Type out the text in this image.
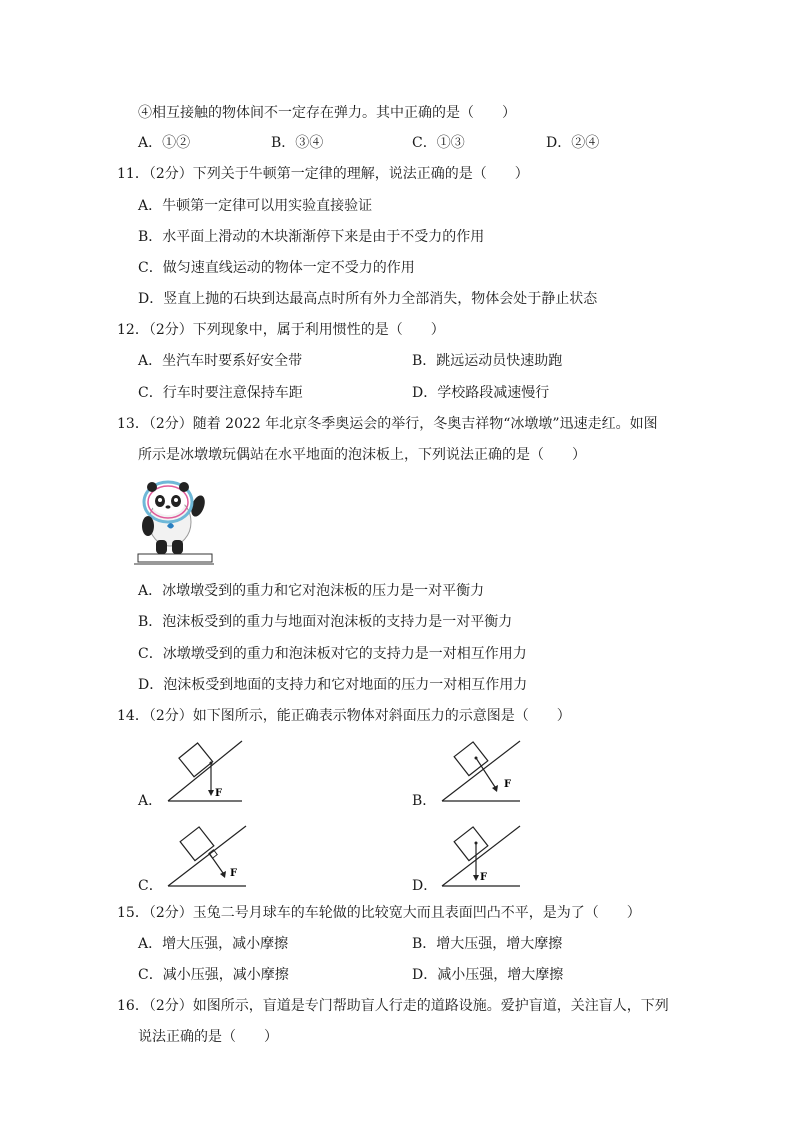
④相互接触的物体间不一定存在弹力。其中正确的是（　　）
A．①②	B．③④	C．①③	D．②④
11．（2分）下列关于牛顿第一定律的理解，说法正确的是（　　）
A．牛顿第一定律可以用实验直接验证
B．水平面上滑动的木块渐渐停下来是由于不受力的作用
C．做匀速直线运动的物体一定不受力的作用
D．竖直上抛的石块到达最高点时所有外力全部消失，物体会处于静止状态
12．（2分）下列现象中，属于利用惯性的是（　　）
A．坐汽车时要系好安全带	B．跳远运动员快速助跑
C．行车时要注意保持车距	D．学校路段减速慢行
13．（2分）随着 2022 年北京冬季奥运会的举行，冬奥吉祥物“冰墩墩”迅速走红。如图
所示是冰墩墩玩偶站在水平地面的泡沫板上，下列说法正确的是（　　）
A．冰墩墩受到的重力和它对泡沫板的压力是一对平衡力
B．泡沫板受到的重力与地面对泡沫板的支持力是一对平衡力
C．冰墩墩受到的重力和泡沫板对它的支持力是一对相互作用力
D．泡沫板受到地面的支持力和它对地面的压力一对相互作用力
14．（2分）如下图所示，能正确表示物体对斜面压力的示意图是（　　）
A．	F	B．
F
C．
F
D．
F
15．（2分）玉兔二号月球车的车轮做的比较宽大而且表面凹凸不平，是为了（　　）
A．增大压强，减小摩擦	B．增大压强，增大摩擦
C．减小压强，减小摩擦	D．减小压强，增大摩擦
16．（2分）如图所示，盲道是专门帮助盲人行走的道路设施。爱护盲道，关注盲人，下列
说法正确的是（　　）
